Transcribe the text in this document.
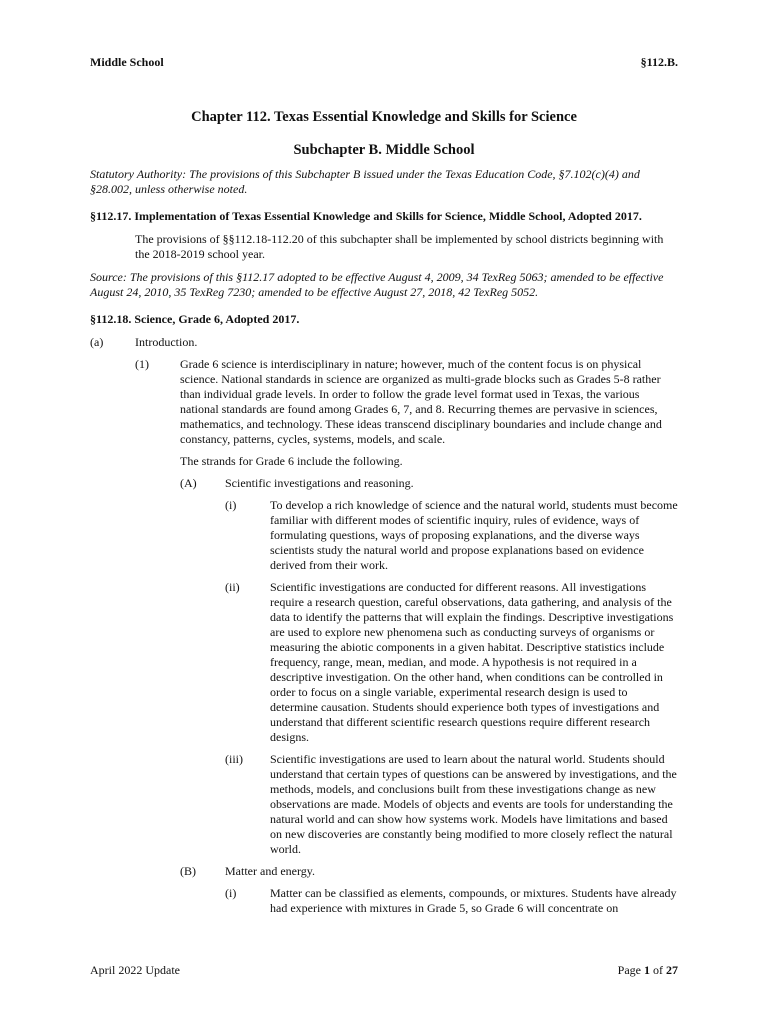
Middle School	§112.B.
Chapter 112. Texas Essential Knowledge and Skills for Science
Subchapter B. Middle School
Statutory Authority: The provisions of this Subchapter B issued under the Texas Education Code, §7.102(c)(4) and §28.002, unless otherwise noted.
§112.17. Implementation of Texas Essential Knowledge and Skills for Science, Middle School, Adopted 2017.
The provisions of §§112.18-112.20 of this subchapter shall be implemented by school districts beginning with the 2018-2019 school year.
Source: The provisions of this §112.17 adopted to be effective August 4, 2009, 34 TexReg 5063; amended to be effective August 24, 2010, 35 TexReg 7230; amended to be effective August 27, 2018, 42 TexReg 5052.
§112.18. Science, Grade 6, Adopted 2017.
(a)	Introduction.
(1)	Grade 6 science is interdisciplinary in nature; however, much of the content focus is on physical science. National standards in science are organized as multi-grade blocks such as Grades 5-8 rather than individual grade levels. In order to follow the grade level format used in Texas, the various national standards are found among Grades 6, 7, and 8. Recurring themes are pervasive in sciences, mathematics, and technology. These ideas transcend disciplinary boundaries and include change and constancy, patterns, cycles, systems, models, and scale.
The strands for Grade 6 include the following.
(A)	Scientific investigations and reasoning.
(i)	To develop a rich knowledge of science and the natural world, students must become familiar with different modes of scientific inquiry, rules of evidence, ways of formulating questions, ways of proposing explanations, and the diverse ways scientists study the natural world and propose explanations based on evidence derived from their work.
(ii)	Scientific investigations are conducted for different reasons. All investigations require a research question, careful observations, data gathering, and analysis of the data to identify the patterns that will explain the findings. Descriptive investigations are used to explore new phenomena such as conducting surveys of organisms or measuring the abiotic components in a given habitat. Descriptive statistics include frequency, range, mean, median, and mode. A hypothesis is not required in a descriptive investigation. On the other hand, when conditions can be controlled in order to focus on a single variable, experimental research design is used to determine causation. Students should experience both types of investigations and understand that different scientific research questions require different research designs.
(iii)	Scientific investigations are used to learn about the natural world. Students should understand that certain types of questions can be answered by investigations, and the methods, models, and conclusions built from these investigations change as new observations are made. Models of objects and events are tools for understanding the natural world and can show how systems work. Models have limitations and based on new discoveries are constantly being modified to more closely reflect the natural world.
(B)	Matter and energy.
(i)	Matter can be classified as elements, compounds, or mixtures. Students have already had experience with mixtures in Grade 5, so Grade 6 will concentrate on
April 2022 Update	Page 1 of 27
